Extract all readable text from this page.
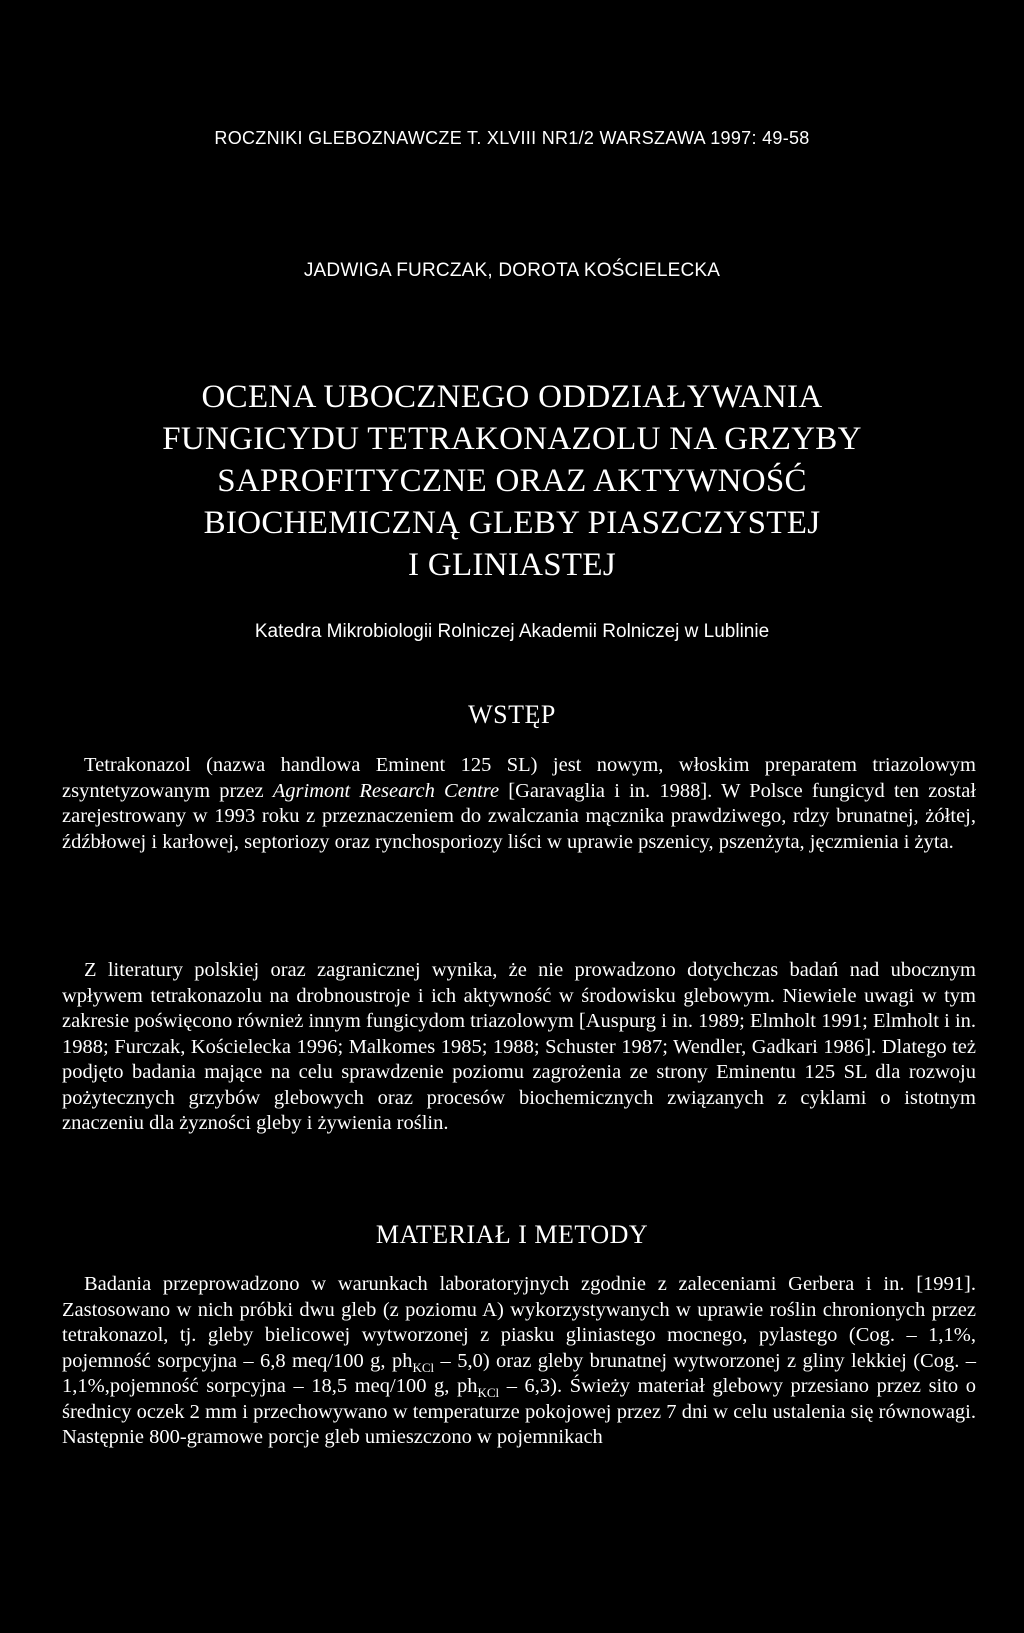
ROCZNIKI GLEBOZNAWCZE T. XLVIII NR1/2 WARSZAWA 1997: 49-58
JADWIGA FURCZAK, DOROTA KOŚCIELECKA
OCENA UBOCZNEGO ODDZIAŁYWANIA
FUNGICYDU TETRAKONAZOLU NA GRZYBY
SAPROFITYCZNE ORAZ AKTYWNOŚĆ
BIOCHEMICZNĄ GLEBY PIASZCZYSTEJ
I GLINIASTEJ
Katedra Mikrobiologii Rolniczej Akademii Rolniczej w Lublinie
WSTĘP

Tetrakonazol (nazwa handlowa Eminent 125 SL) jest nowym, włoskim preparatem triazolowym zsyntetyzowanym przez Agrimont Research Centre [Garavaglia i in. 1988]. W Polsce fungicyd ten został zarejestrowany w 1993 roku z przeznaczeniem do zwalczania mącznika prawdziwego, rdzy brunatnej, żółtej, źdźbłowej i karłowej, septoriozy oraz rynchosporiozy liści w uprawie pszenicy, pszenżyta, jęczmienia i żyta.

Z literatury polskiej oraz zagranicznej wynika, że nie prowadzono dotychczas badań nad ubocznym wpływem tetrakonazolu na drobnoustroje i ich aktywność w środowisku glebowym. Niewiele uwagi w tym zakresie poświęcono również innym fungicydom triazolowym [Auspurg i in. 1989; Elmholt 1991; Elmholt i in. 1988; Furczak, Kościelecka 1996; Malkomes 1985; 1988; Schuster 1987; Wendler, Gadkari 1986]. Dlatego też podjęto badania mające na celu sprawdzenie poziomu zagrożenia ze strony Eminentu 125 SL dla rozwoju pożytecznych grzybów glebowych oraz procesów biochemicznych związanych z cyklami o istotnym znaczeniu dla żyzności gleby i żywienia roślin.

MATERIAŁ I METODY

Badania przeprowadzono w warunkach laboratoryjnych zgodnie z zaleceniami Gerbera i in. [1991]. Zastosowano w nich próbki dwu gleb (z poziomu A) wykorzystywanych w uprawie roślin chronionych przez tetrakonazol, tj. gleby bielicowej wytworzonej z piasku gliniastego mocnego, pylastego (Cog. – 1,1%, pojemność sorpcyjna – 6,8 meq/100 g, $ph_{KCl} - 5,0$) oraz gleby brunatnej wytworzonej z gliny lekkiej (Cog. – 1,1%,pojemność sorpcyjna – 18,5 meq/100 g, $ph_{KCl} - 6,3$). Świeży materiał glebowy przesiano przez sito o średnicy oczek 2 mm i przechowywano w temperaturze pokojowej przez 7 dni w celu ustalenia się równowagi. Następnie 800-gramowe porcje gleb umieszczono w pojemnikach
